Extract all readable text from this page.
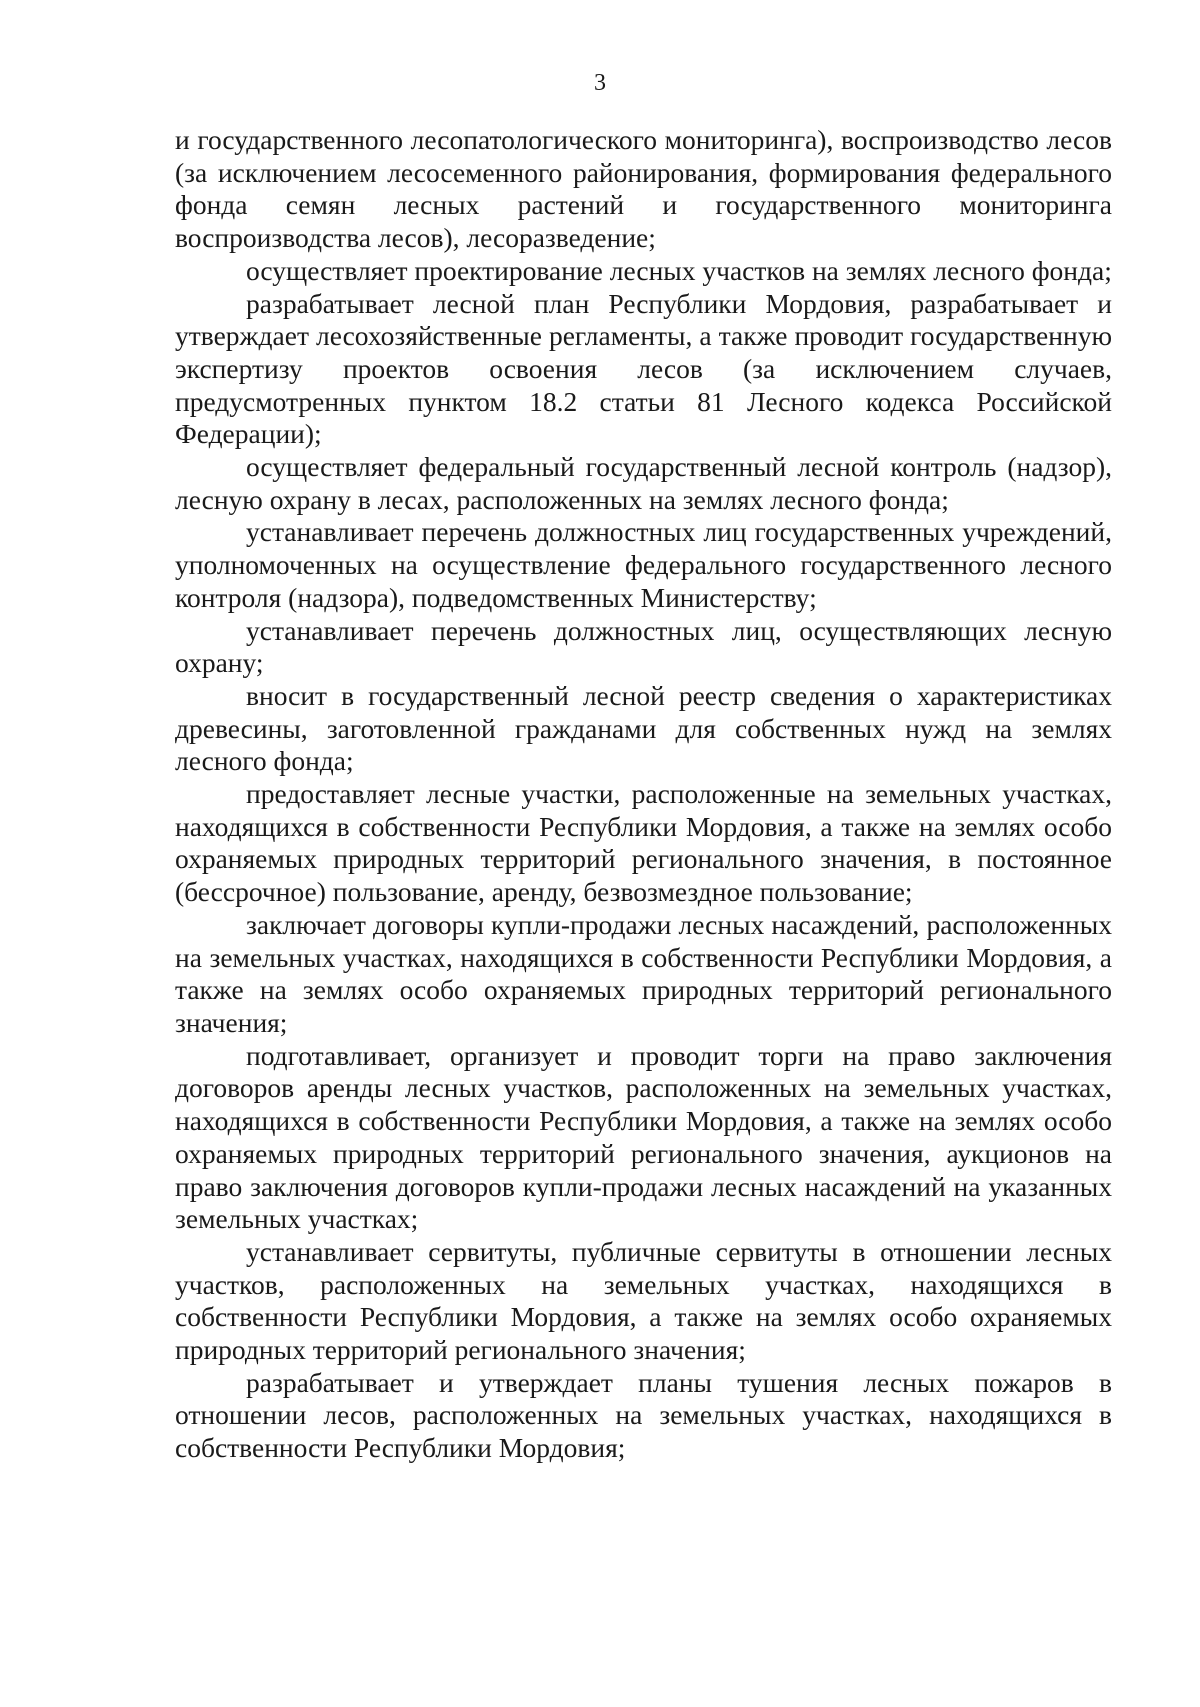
3

и государственного лесопатологического мониторинга), воспроизводство лесов (за исключением лесосеменного районирования, формирования федерального фонда семян лесных растений и государственного мониторинга воспроизводства лесов), лесоразведение;

осуществляет проектирование лесных участков на землях лесного фонда;

разрабатывает лесной план Республики Мордовия, разрабатывает и утверждает лесохозяйственные регламенты, а также проводит государственную экспертизу проектов освоения лесов (за исключением случаев, предусмотренных пунктом 18.2 статьи 81 Лесного кодекса Российской Федерации);

осуществляет федеральный государственный лесной контроль (надзор), лесную охрану в лесах, расположенных на землях лесного фонда;

устанавливает перечень должностных лиц государственных учреждений, уполномоченных на осуществление федерального государственного лесного контроля (надзора), подведомственных Министерству;

устанавливает перечень должностных лиц, осуществляющих лесную охрану;

вносит в государственный лесной реестр сведения о характеристиках древесины, заготовленной гражданами для собственных нужд на землях лесного фонда;

предоставляет лесные участки, расположенные на земельных участках, находящихся в собственности Республики Мордовия, а также на землях особо охраняемых природных территорий регионального значения, в постоянное (бессрочное) пользование, аренду, безвозмездное пользование;

заключает договоры купли-продажи лесных насаждений, расположенных на земельных участках, находящихся в собственности Республики Мордовия, а также на землях особо охраняемых природных территорий регионального значения;

подготавливает, организует и проводит торги на право заключения договоров аренды лесных участков, расположенных на земельных участках, находящихся в собственности Республики Мордовия, а также на землях особо охраняемых природных территорий регионального значения, аукционов на право заключения договоров купли-продажи лесных насаждений на указанных земельных участках;

устанавливает сервитуты, публичные сервитуты в отношении лесных участков, расположенных на земельных участках, находящихся в собственности Республики Мордовия, а также на землях особо охраняемых природных территорий регионального значения;

разрабатывает и утверждает планы тушения лесных пожаров в отношении лесов, расположенных на земельных участках, находящихся в собственности Республики Мордовия;
